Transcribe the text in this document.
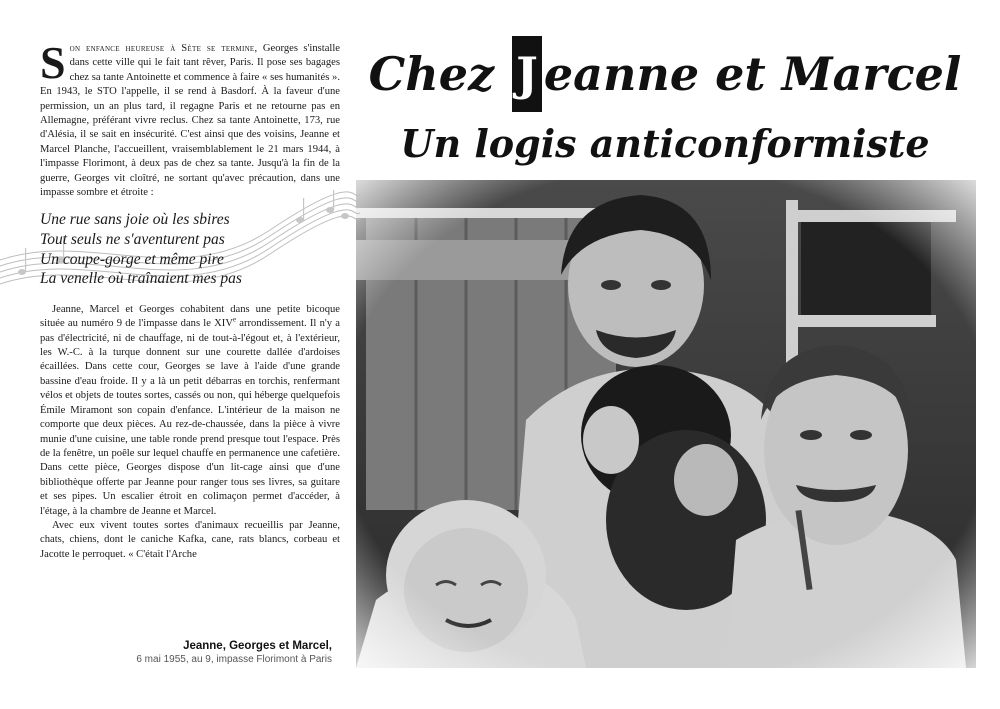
Son enfance heureuse à Sète se termine, Georges s'installe dans cette ville qui le fait tant rêver, Paris. Il pose ses bagages chez sa tante Antoinette et commence à faire « ses humanités ». En 1943, le STO l'appelle, il se rend à Basdorf. À la faveur d'une permission, un an plus tard, il regagne Paris et ne retourne pas en Allemagne, préférant vivre reclus. Chez sa tante Antoinette, 173, rue d'Alésia, il se sait en insécurité. C'est ainsi que des voisins, Jeanne et Marcel Planche, l'accueillent, vraisemblablement le 21 mars 1944, à l'impasse Florimont, à deux pas de chez sa tante. Jusqu'à la fin de la guerre, Georges vit cloîtré, ne sortant qu'avec précaution, dans une impasse sombre et étroite :

Une rue sans joie où les sbires
Tout seuls ne s'aventurent pas
Un coupe-gorge et même pire
La venelle où traînaient mes pas

Jeanne, Marcel et Georges cohabitent dans une petite bicoque située au numéro 9 de l'impasse dans le XIVe arrondissement. Il n'y a pas d'électricité, ni de chauffage, ni de tout-à-l'égout et, à l'extérieur, les W.-C. à la turque donnent sur une courette dallée d'ardoises écaillées. Dans cette cour, Georges se lave à l'aide d'une grande bassine d'eau froide. Il y a là un petit débarras en torchis, renfermant vélos et objets de toutes sortes, cassés ou non, qui héberge quelquefois Émile Miramont son copain d'enfance. L'intérieur de la maison ne comporte que deux pièces. Au rez-de-chaussée, dans la pièce à vivre munie d'une cuisine, une table ronde prend presque tout l'espace. Près de la fenêtre, un poêle sur lequel chauffe en permanence une cafetière. Dans cette pièce, Georges dispose d'un lit-cage ainsi que d'une bibliothèque offerte par Jeanne pour ranger tous ses livres, sa guitare et ses pipes. Un escalier étroit en colimaçon permet d'accéder, à l'étage, à la chambre de Jeanne et Marcel.

Avec eux vivent toutes sortes d'animaux recueillis par Jeanne, chats, chiens, dont le caniche Kafka, cane, rats blancs, corbeau et Jacotte le perroquet. « C'était l'Arche

Jeanne, Georges et Marcel,
6 mai 1955, au 9, impasse Florimont à Paris
Chez J eanne et Marcel
Un logis anticonformiste
